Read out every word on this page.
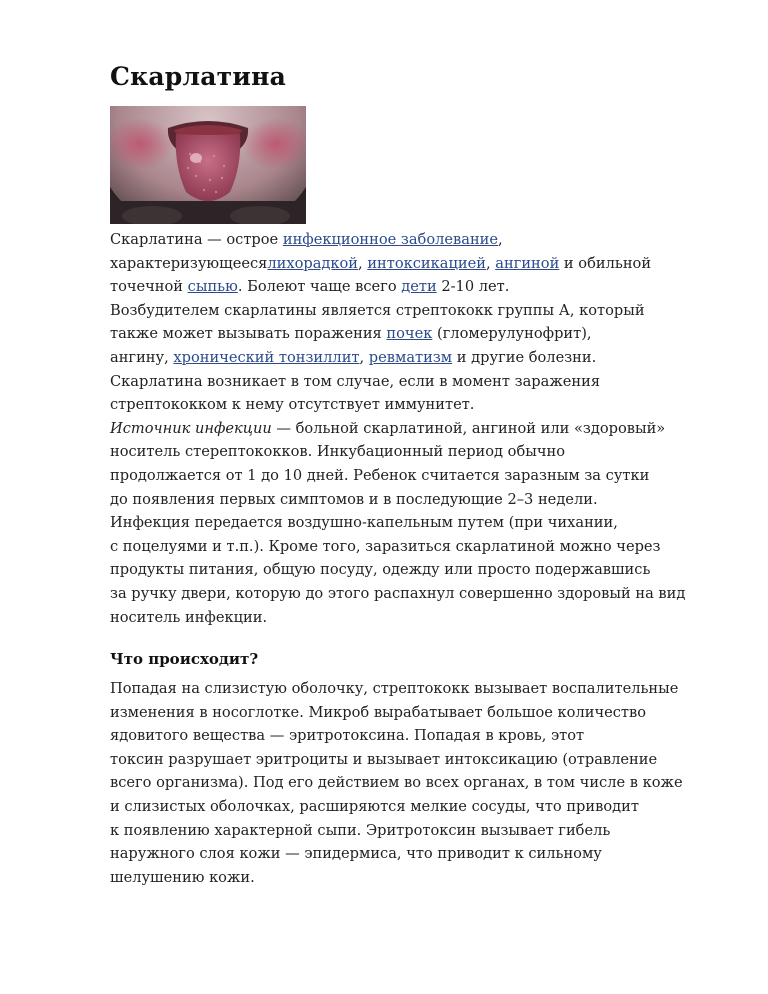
Скарлатина

Скарлатина — острое инфекционное заболевание,

характеризующеесялихорадкой, интоксикацией, ангиной и обильной

точечной сыпью. Болеют чаще всего дети 2-10 лет.

Возбудителем скарлатины является стрептококк группы А, который

также может вызывать поражения почек (гломерулунофрит),

ангину, хронический тонзиллит, ревматизм и другие болезни.

Скарлатина возникает в том случае, если в момент заражения

стрептококком к нему отсутствует иммунитет.

Источник инфекции — больной скарлатиной, ангиной или «здоровый»

носитель стерептококков. Инкубационный период обычно

продолжается от 1 до 10 дней. Ребенок считается заразным за сутки

до появления первых симптомов и в последующие 2–3 недели.

Инфекция передается воздушно-капельным путем (при чихании,

с поцелуями и т.п.). Кроме того, заразиться скарлатиной можно через

продукты питания, общую посуду, одежду или просто подержавшись

за ручку двери, которую до этого распахнул совершенно здоровый на вид

носитель инфекции.

Что происходит?

Попадая на слизистую оболочку, стрептококк вызывает воспалительные

изменения в носоглотке. Микроб вырабатывает большое количество

ядовитого вещества — эритротоксина. Попадая в кровь, этот

токсин разрушает эритроциты и вызывает интоксикацию (отравление

всего организма). Под его действием во всех органах, в том числе в коже

и слизистых оболочках, расширяются мелкие сосуды, что приводит

к появлению характерной сыпи. Эритротоксин вызывает гибель

наружного слоя кожи — эпидермиса, что приводит к сильному

шелушению кожи.
